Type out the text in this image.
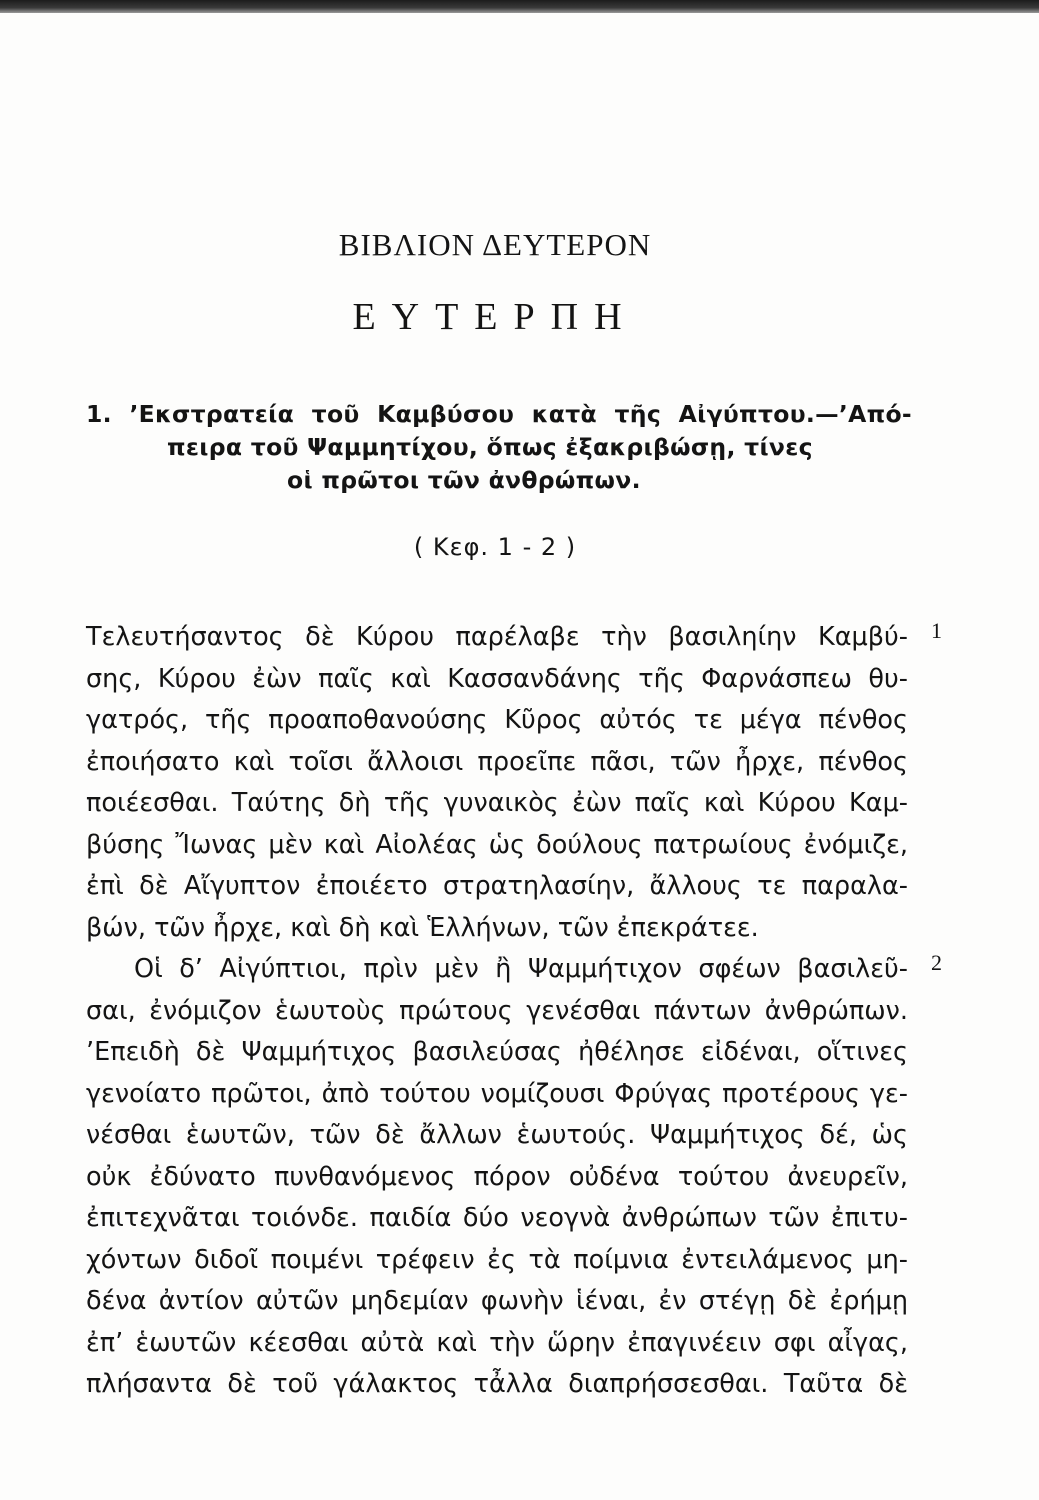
ΒΙΒΛΙΟΝ ΔΕΥΤΕΡΟΝ
ΕΥΤΕΡΠΗ
1. ’Εκστρατεία τοῦ Καμβύσου κατὰ τῆς Αἰγύπτου.—’Από-
πειρα τοῦ Ψαμμητίχου, ὅπως ἐξακριβώσῃ, τίνες
οἱ πρῶτοι τῶν ἀνθρώπων.
( Κεφ. 1 - 2 )
1
2
Τελευτήσαντος δὲ Κύρου παρέλαβε τὴν βασιληίην Καμβύ-
σης, Κύρου ἐὼν παῖς καὶ Κασσανδάνης τῆς Φαρνάσπεω θυ-
γατρός, τῆς προαποθανούσης Κῦρος αὐτός τε μέγα πένθος
ἐποιήσατο καὶ τοῖσι ἄλλοισι προεῖπε πᾶσι, τῶν ἦρχε, πένθος
ποιέεσθαι. Ταύτης δὴ τῆς γυναικὸς ἐὼν παῖς καὶ Κύρου Καμ-
βύσης Ἴωνας μὲν καὶ Αἰολέας ὡς δούλους πατρωίους ἐνόμιζε,
ἐπὶ δὲ Αἴγυπτον ἐποιέετο στρατηλασίην, ἄλλους τε παραλα-
βών, τῶν ἦρχε, καὶ δὴ καὶ Ἑλλήνων, τῶν ἐπεκράτεε.
Οἱ δ’ Αἰγύπτιοι, πρὶν μὲν ἢ Ψαμμήτιχον σφέων βασιλεῦ-
σαι, ἐνόμιζον ἑωυτοὺς πρώτους γενέσθαι πάντων ἀνθρώπων.
’Επειδὴ δὲ Ψαμμήτιχος βασιλεύσας ἠθέλησε εἰδέναι, οἵτινες
γενοίατο πρῶτοι, ἀπὸ τούτου νομίζουσι Φρύγας προτέρους γε-
νέσθαι ἑωυτῶν, τῶν δὲ ἄλλων ἑωυτούς. Ψαμμήτιχος δέ, ὡς
οὐκ ἐδύνατο πυνθανόμενος πόρον οὐδένα τούτου ἀνευρεῖν,
ἐπιτεχνᾶται τοιόνδε. παιδία δύο νεογνὰ ἀνθρώπων τῶν ἐπιτυ-
χόντων διδοῖ ποιμένι τρέφειν ἐς τὰ ποίμνια ἐντειλάμενος μη-
δένα ἀντίον αὐτῶν μηδεμίαν φωνὴν ἱέναι, ἐν στέγῃ δὲ ἐρήμῃ
ἐπ’ ἑωυτῶν κέεσθαι αὐτὰ καὶ τὴν ὥρην ἐπαγινέειν σφι αἶγας,
πλήσαντα δὲ τοῦ γάλακτος τἆλλα διαπρήσσεσθαι. Ταῦτα δὲ
